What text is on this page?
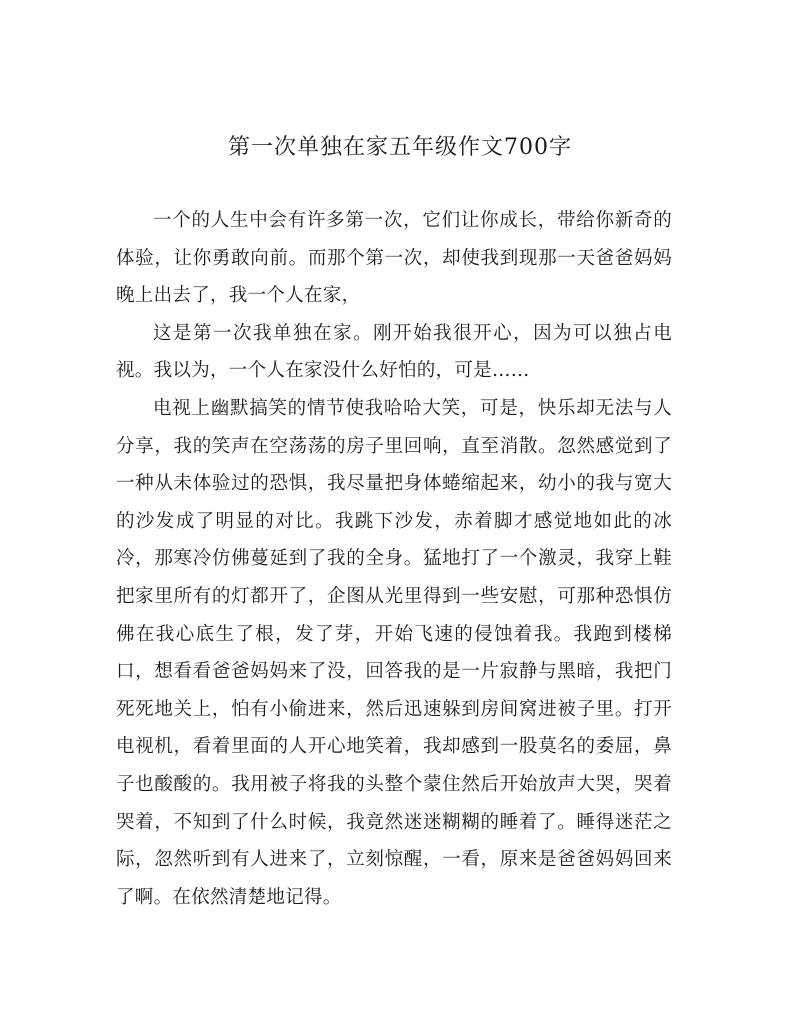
第一次单独在家五年级作文700字

一个的人生中会有许多第一次，它们让你成长，带给你新奇的体验，让你勇敢向前。而那个第一次，却使我到现那一天爸爸妈妈晚上出去了，我一个人在家，

这是第一次我单独在家。刚开始我很开心，因为可以独占电视。我以为，一个人在家没什么好怕的，可是……

电视上幽默搞笑的情节使我哈哈大笑，可是，快乐却无法与人分享，我的笑声在空荡荡的房子里回响，直至消散。忽然感觉到了一种从未体验过的恐惧，我尽量把身体蜷缩起来，幼小的我与宽大的沙发成了明显的对比。我跳下沙发，赤着脚才感觉地如此的冰冷，那寒冷仿佛蔓延到了我的全身。猛地打了一个激灵，我穿上鞋把家里所有的灯都开了，企图从光里得到一些安慰，可那种恐惧仿佛在我心底生了根，发了芽，开始飞速的侵蚀着我。我跑到楼梯口，想看看爸爸妈妈来了没，回答我的是一片寂静与黑暗，我把门死死地关上，怕有小偷进来，然后迅速躲到房间窝进被子里。打开电视机，看着里面的人开心地笑着，我却感到一股莫名的委屈，鼻子也酸酸的。我用被子将我的头整个蒙住然后开始放声大哭，哭着哭着，不知到了什么时候，我竟然迷迷糊糊的睡着了。睡得迷茫之际，忽然听到有人进来了，立刻惊醒，一看，原来是爸爸妈妈回来了啊。在依然清楚地记得。
